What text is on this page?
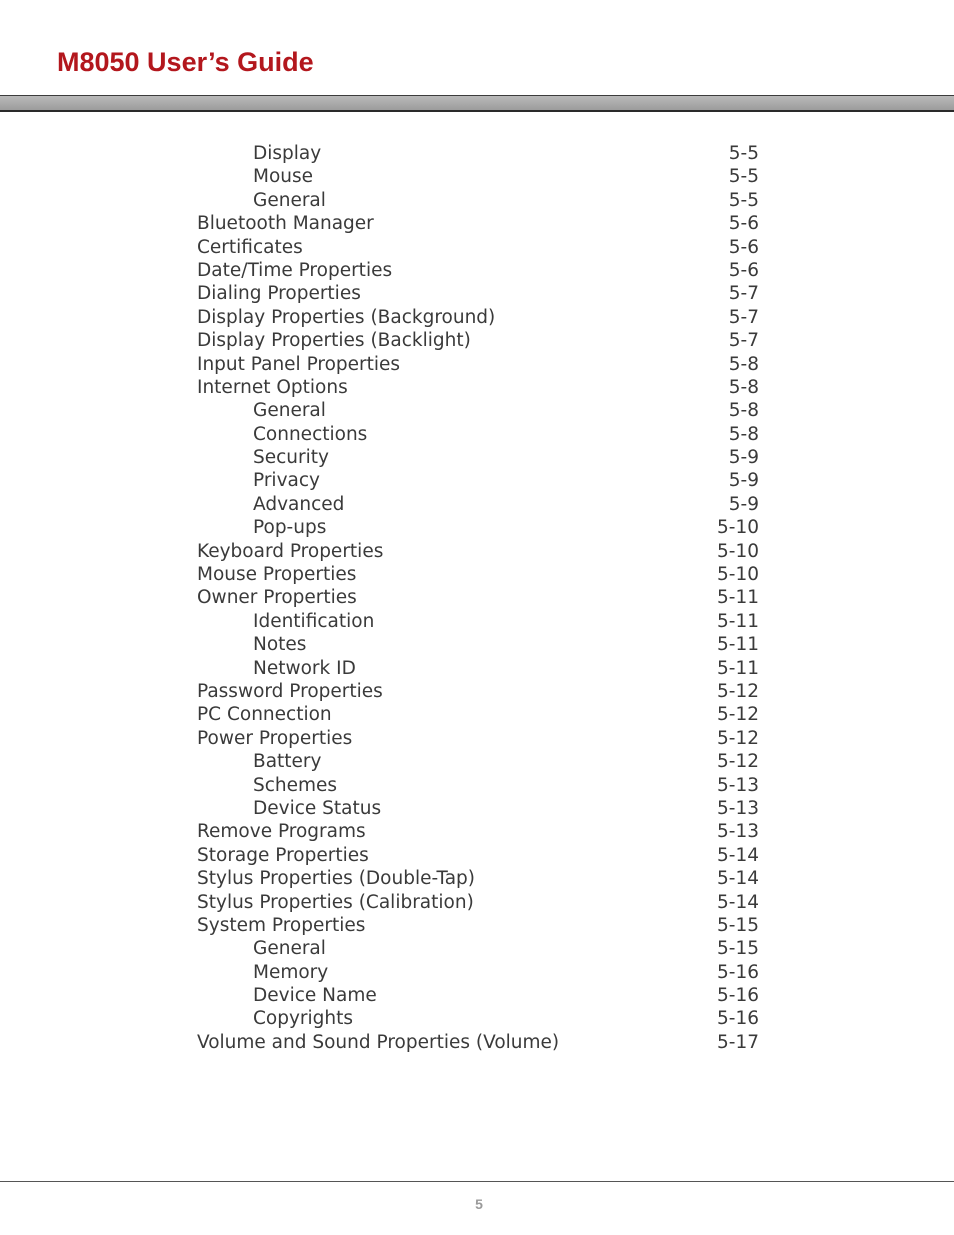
M8050 User’s Guide
Display	5-5
Mouse	5-5
General	5-5
Bluetooth Manager	5-6
Certificates	5-6
Date/Time Properties	5-6
Dialing Properties	5-7
Display Properties (Background)	5-7
Display Properties (Backlight)	5-7
Input Panel Properties	5-8
Internet Options	5-8
General	5-8
Connections	5-8
Security	5-9
Privacy	5-9
Advanced	5-9
Pop-ups	5-10
Keyboard Properties	5-10
Mouse Properties	5-10
Owner Properties	5-11
Identification	5-11
Notes	5-11
Network ID	5-11
Password Properties	5-12
PC Connection	5-12
Power Properties	5-12
Battery	5-12
Schemes	5-13
Device Status	5-13
Remove Programs	5-13
Storage Properties	5-14
Stylus Properties (Double-Tap)	5-14
Stylus Properties (Calibration)	5-14
System Properties	5-15
General	5-15
Memory	5-16
Device Name	5-16
Copyrights	5-16
Volume and Sound Properties (Volume)	5-17
5
